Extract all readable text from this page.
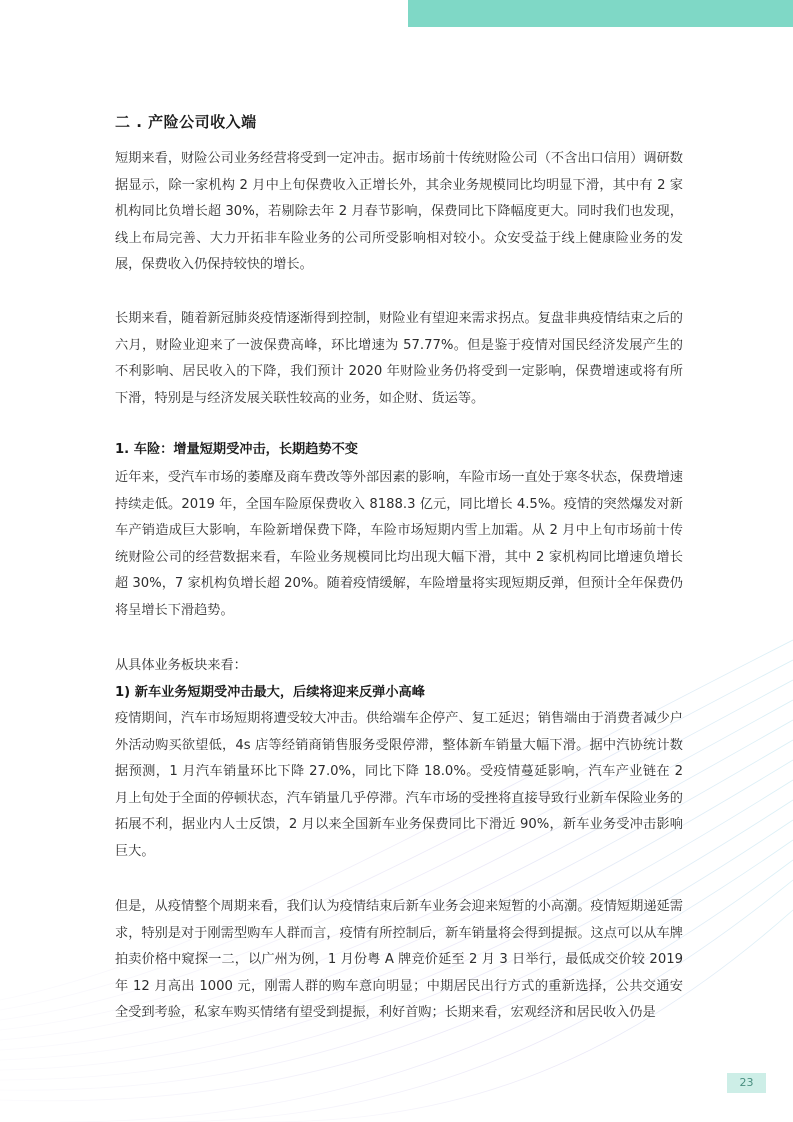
二 . 产险公司收入端

短期来看，财险公司业务经营将受到一定冲击。据市场前十传统财险公司（不含出口信用）调研数据显示，除一家机构 2 月中上旬保费收入正增长外，其余业务规模同比均明显下滑，其中有 2 家机构同比负增长超 30%，若剔除去年 2 月春节影响，保费同比下降幅度更大。同时我们也发现，线上布局完善、大力开拓非车险业务的公司所受影响相对较小。众安受益于线上健康险业务的发展，保费收入仍保持较快的增长。

长期来看，随着新冠肺炎疫情逐渐得到控制，财险业有望迎来需求拐点。复盘非典疫情结束之后的六月，财险业迎来了一波保费高峰，环比增速为 57.77%。但是鉴于疫情对国民经济发展产生的不利影响、居民收入的下降，我们预计 2020 年财险业务仍将受到一定影响，保费增速或将有所下滑，特别是与经济发展关联性较高的业务，如企财、货运等。

1. 车险：增量短期受冲击，长期趋势不变

近年来，受汽车市场的萎靡及商车费改等外部因素的影响，车险市场一直处于寒冬状态，保费增速持续走低。2019 年，全国车险原保费收入 8188.3 亿元，同比增长 4.5%。疫情的突然爆发对新车产销造成巨大影响，车险新增保费下降，车险市场短期内雪上加霜。从 2 月中上旬市场前十传统财险公司的经营数据来看，车险业务规模同比均出现大幅下滑，其中 2 家机构同比增速负增长超 30%，7 家机构负增长超 20%。随着疫情缓解，车险增量将实现短期反弹，但预计全年保费仍将呈增长下滑趋势。

从具体业务板块来看：

1) 新车业务短期受冲击最大，后续将迎来反弹小高峰

疫情期间，汽车市场短期将遭受较大冲击。供给端车企停产、复工延迟；销售端由于消费者减少户外活动购买欲望低，4s 店等经销商销售服务受限停滞，整体新车销量大幅下滑。据中汽协统计数据预测，1 月汽车销量环比下降 27.0%，同比下降 18.0%。受疫情蔓延影响，汽车产业链在 2 月上旬处于全面的停顿状态，汽车销量几乎停滞。汽车市场的受挫将直接导致行业新车保险业务的拓展不利，据业内人士反馈，2 月以来全国新车业务保费同比下滑近 90%，新车业务受冲击影响巨大。

但是，从疫情整个周期来看，我们认为疫情结束后新车业务会迎来短暂的小高潮。疫情短期递延需求，特别是对于刚需型购车人群而言，疫情有所控制后，新车销量将会得到提振。这点可以从车牌拍卖价格中窥探一二，以广州为例，1 月份粤 A 牌竞价延至 2 月 3 日举行，最低成交价较 2019 年 12 月高出 1000 元，刚需人群的购车意向明显；中期居民出行方式的重新选择，公共交通安全受到考验，私家车购买情绪有望受到提振，利好首购；长期来看，宏观经济和居民收入仍是

23
